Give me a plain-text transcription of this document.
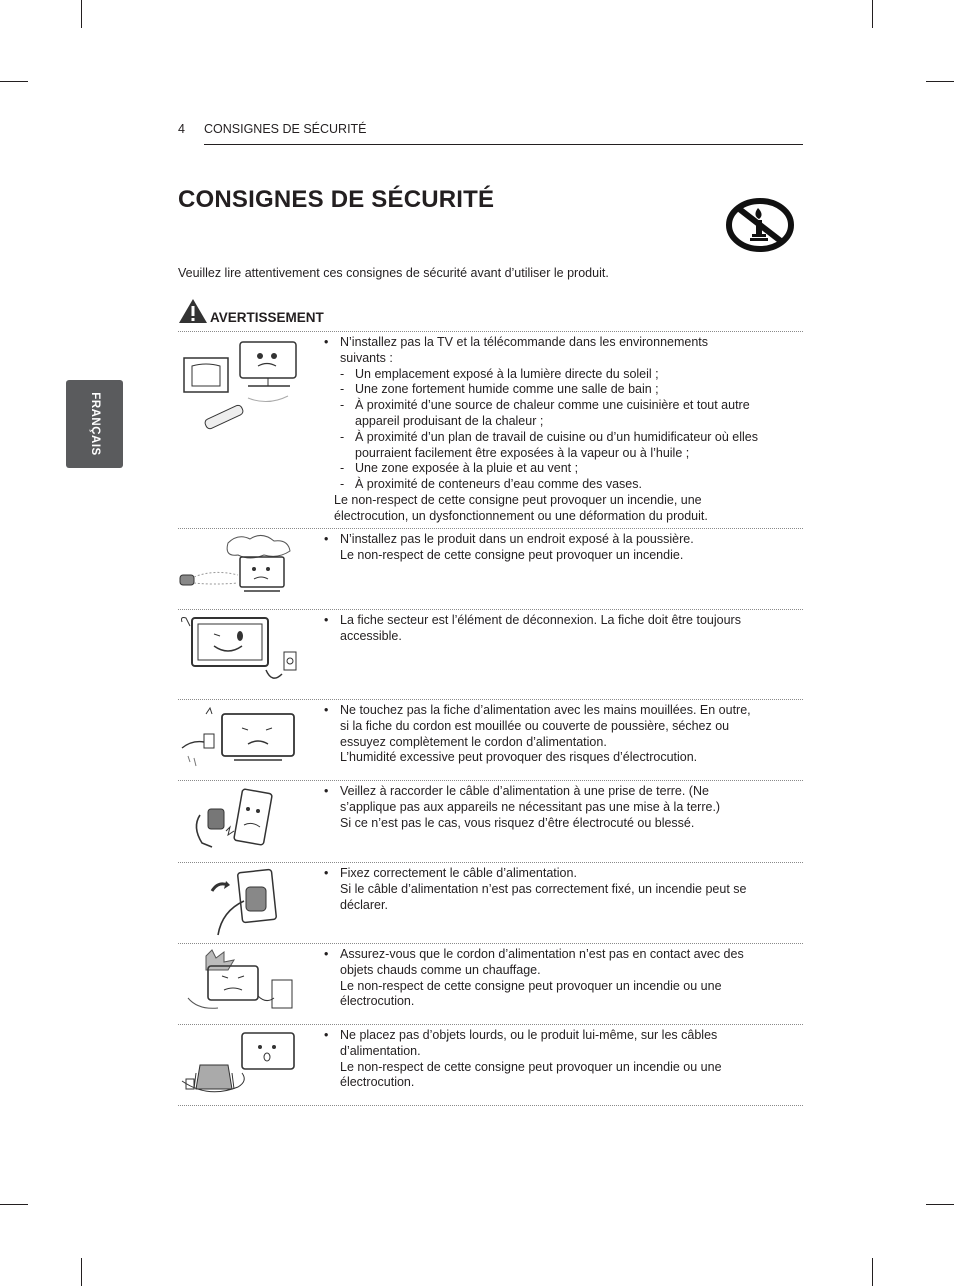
4 CONSIGNES DE SÉCURITÉ
FRANÇAIS
CONSIGNES DE SÉCURITÉ
Veuillez lire attentivement ces consignes de sécurité avant d’utiliser le produit.
AVERTISSEMENT
• N’installez pas la TV et la télécommande dans les environnements
suivants :
- Un emplacement exposé à la lumière directe du soleil ;
- Une zone fortement humide comme une salle de bain ;
- À proximité d’une source de chaleur comme une cuisinière et tout autre
appareil produisant de la chaleur ;
- À proximité d’un plan de travail de cuisine ou d’un humidificateur où elles
pourraient facilement être exposées à la vapeur ou à l’huile ;
- Une zone exposée à la pluie et au vent ;
- À proximité de conteneurs d’eau comme des vases.
Le non-respect de cette consigne peut provoquer un incendie, une
électrocution, un dysfonctionnement ou une déformation du produit.
• N’installez pas le produit dans un endroit exposé à la poussière.
Le non-respect de cette consigne peut provoquer un incendie.
• La fiche secteur est l’élément de déconnexion. La fiche doit être toujours
accessible.
• Ne touchez pas la fiche d’alimentation avec les mains mouillées. En outre,
si la fiche du cordon est mouillée ou couverte de poussière, séchez ou
essuyez complètement le cordon d’alimentation.
L’humidité excessive peut provoquer des risques d’électrocution.
• Veillez à raccorder le câble d’alimentation à une prise de terre. (Ne
s’applique pas aux appareils ne nécessitant pas une mise à la terre.)
Si ce n’est pas le cas, vous risquez d’être électrocuté ou blessé.
• Fixez correctement le câble d’alimentation.
Si le câble d’alimentation n’est pas correctement fixé, un incendie peut se
déclarer.
• Assurez-vous que le cordon d’alimentation n’est pas en contact avec des
objets chauds comme un chauffage.
Le non-respect de cette consigne peut provoquer un incendie ou une
électrocution.
• Ne placez pas d’objets lourds, ou le produit lui-même, sur les câbles
d’alimentation.
Le non-respect de cette consigne peut provoquer un incendie ou une
électrocution.
